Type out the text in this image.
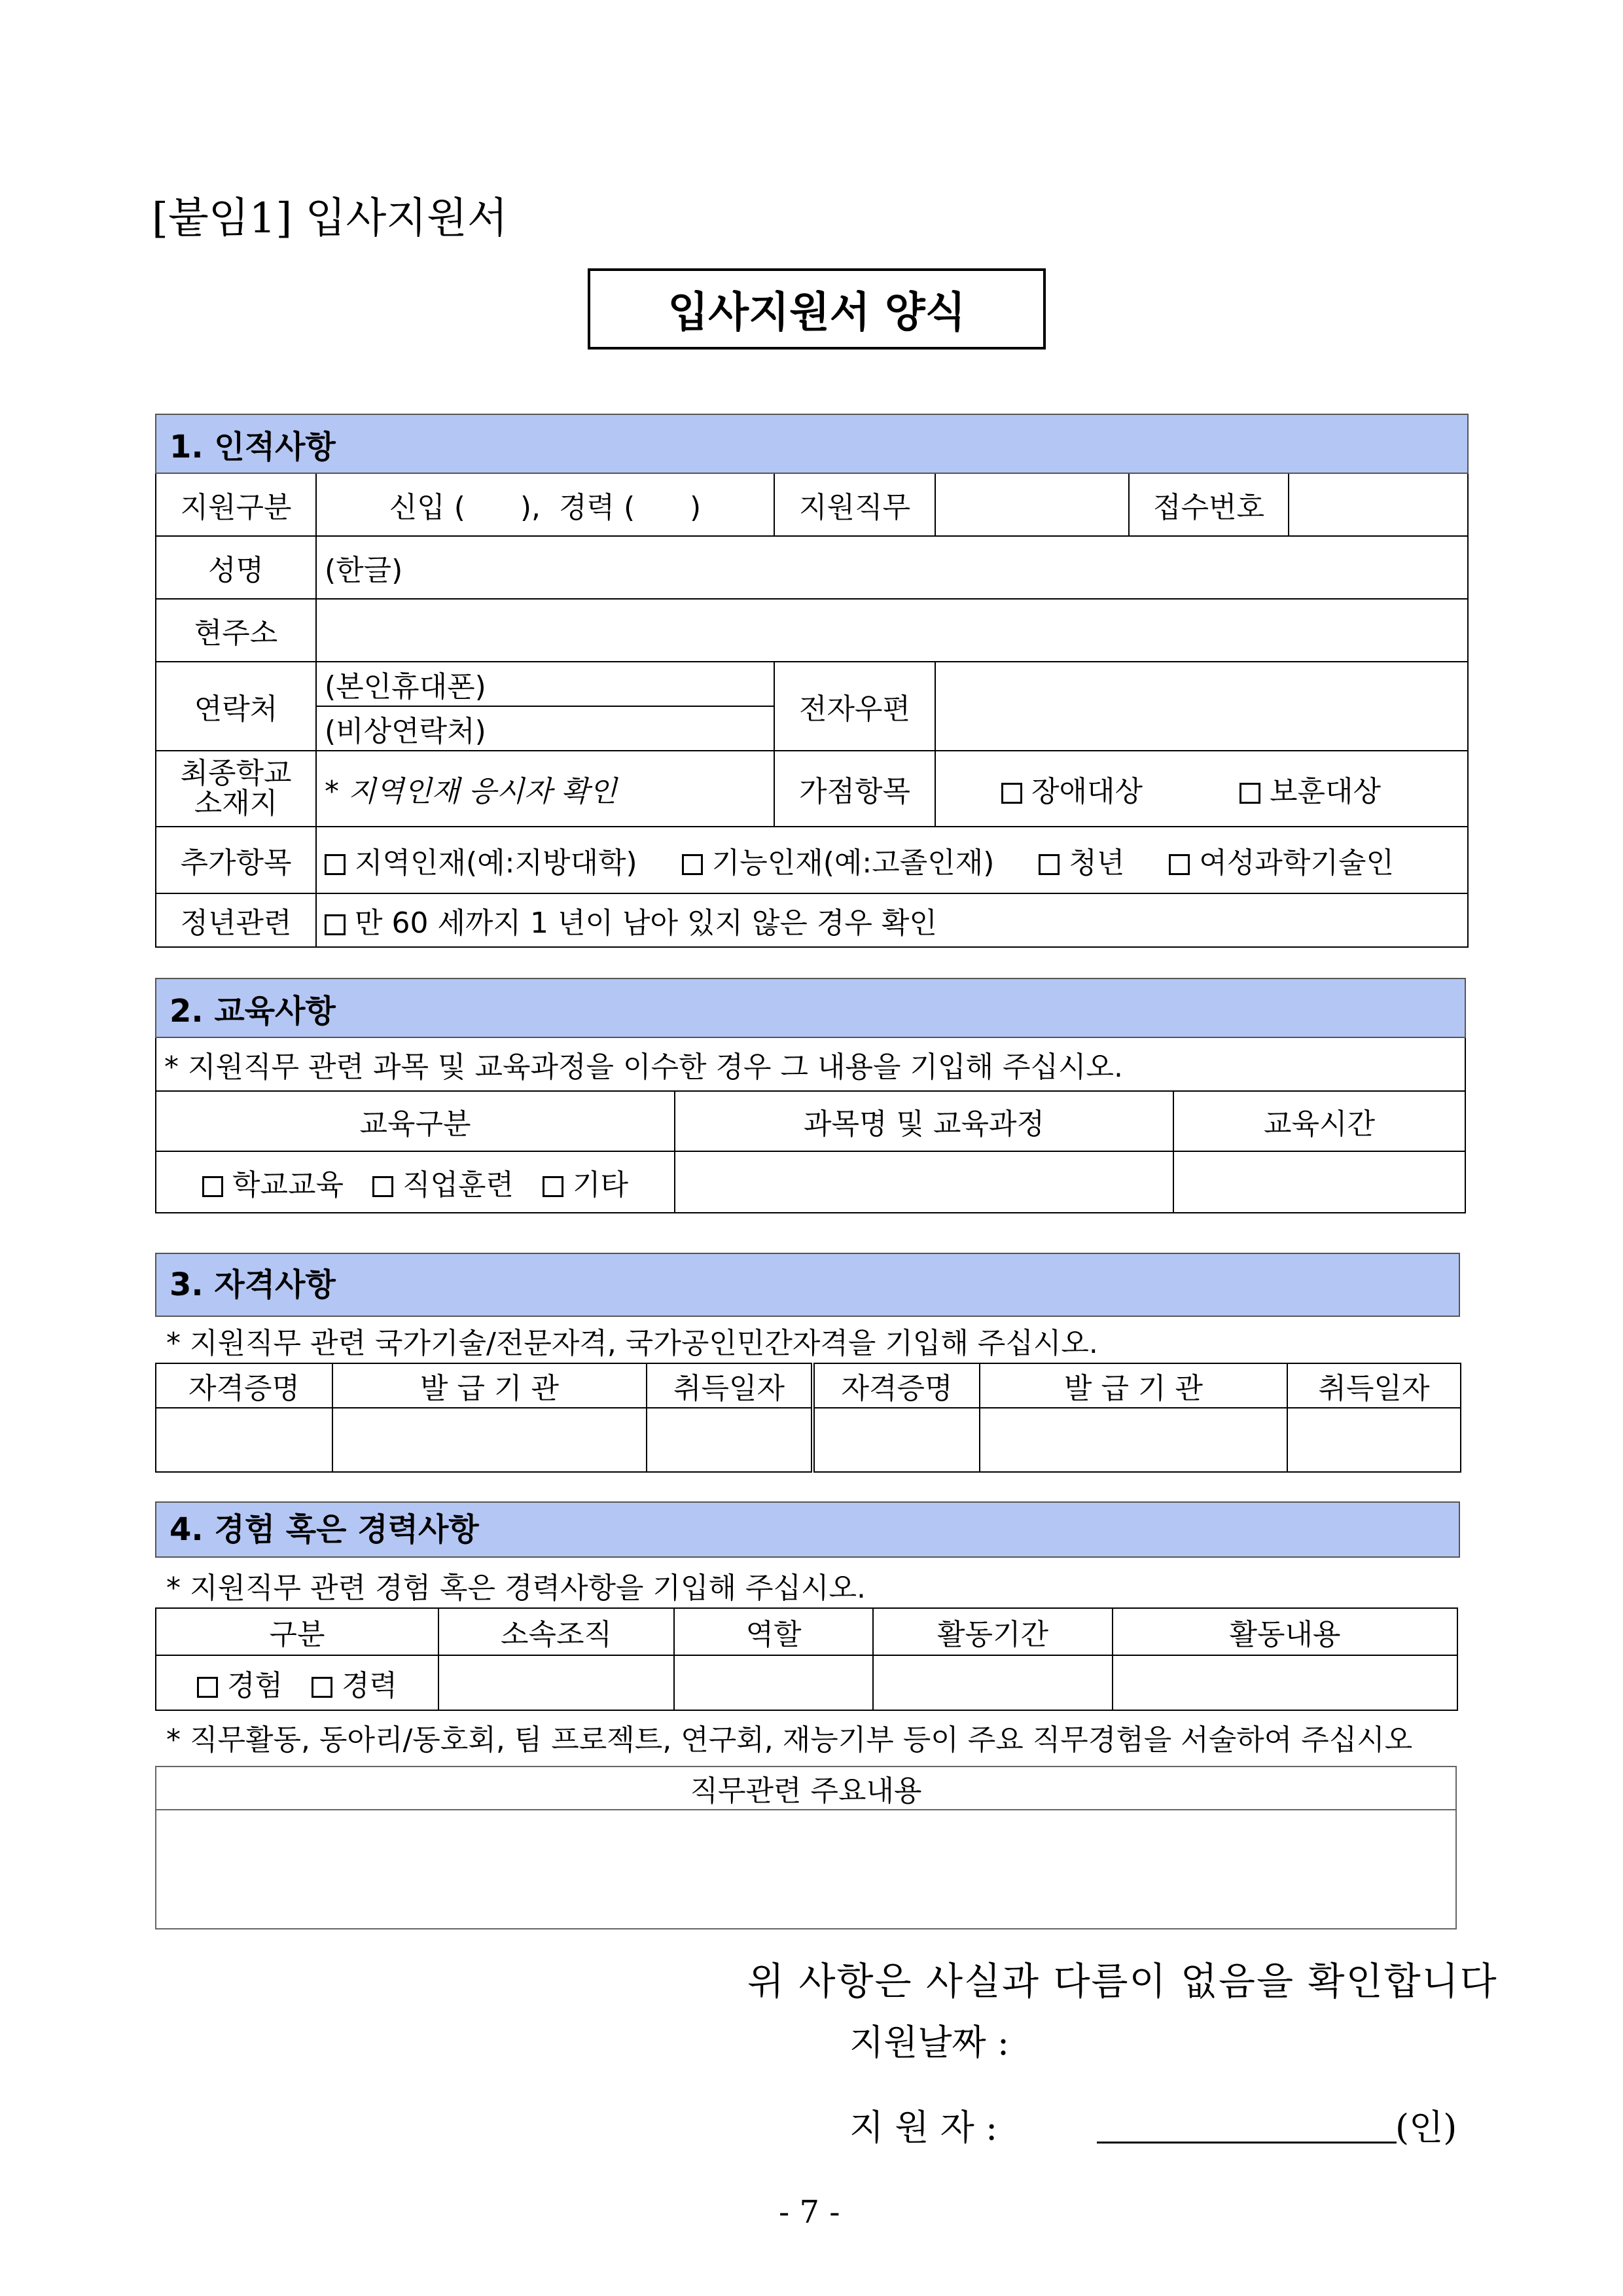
[붙임1] 입사지원서
입사지원서 양식
1. 인적사항					
지원구분	신입 (      ),  경력 (      )	지원직무		접수번호	
성명	(한글)				
현주소					
연락처	(본인휴대폰)	전자우편			
	(비상연락처)				

최종학교
소재지	* 지역인재 응시자 확인	가점항목	장애대상 보훈대상		
추가항목	지역인재(예:지방대학) 기능인재(예:고졸인재) 청년 여성과학기술인				
정년관련	만 60 세까지 1 년이 남아 있지 않은 경우 확인				
2. 교육사항		
* 지원직무 관련 과목 및 교육과정을 이수한 경우 그 내용을 기입해 주십시오.		
교육구분	과목명 및 교육과정	교육시간
학교교육 직업훈련 기타		
3. 자격사항
* 지원직무 관련 국가기술/전문자격, 국가공인민간자격을 기입해 주십시오.
자격증명	발 급 기 관	취득일자	자격증명	발 급 기 관	취득일자

4. 경험 혹은 경력사항
* 지원직무 관련 경험 혹은 경력사항을 기입해 주십시오.
구분	소속조직	역할	활동기간	활동내용
경험 경력				
* 직무활동, 동아리/동호회, 팀 프로젝트, 연구회, 재능기부 등이 주요 직무경험을 서술하여 주십시오
직무관련 주요내용

위 사항은 사실과 다름이 없음을 확인합니다
지원날짜 :
지 원 자 :	(인)
- 7 -
